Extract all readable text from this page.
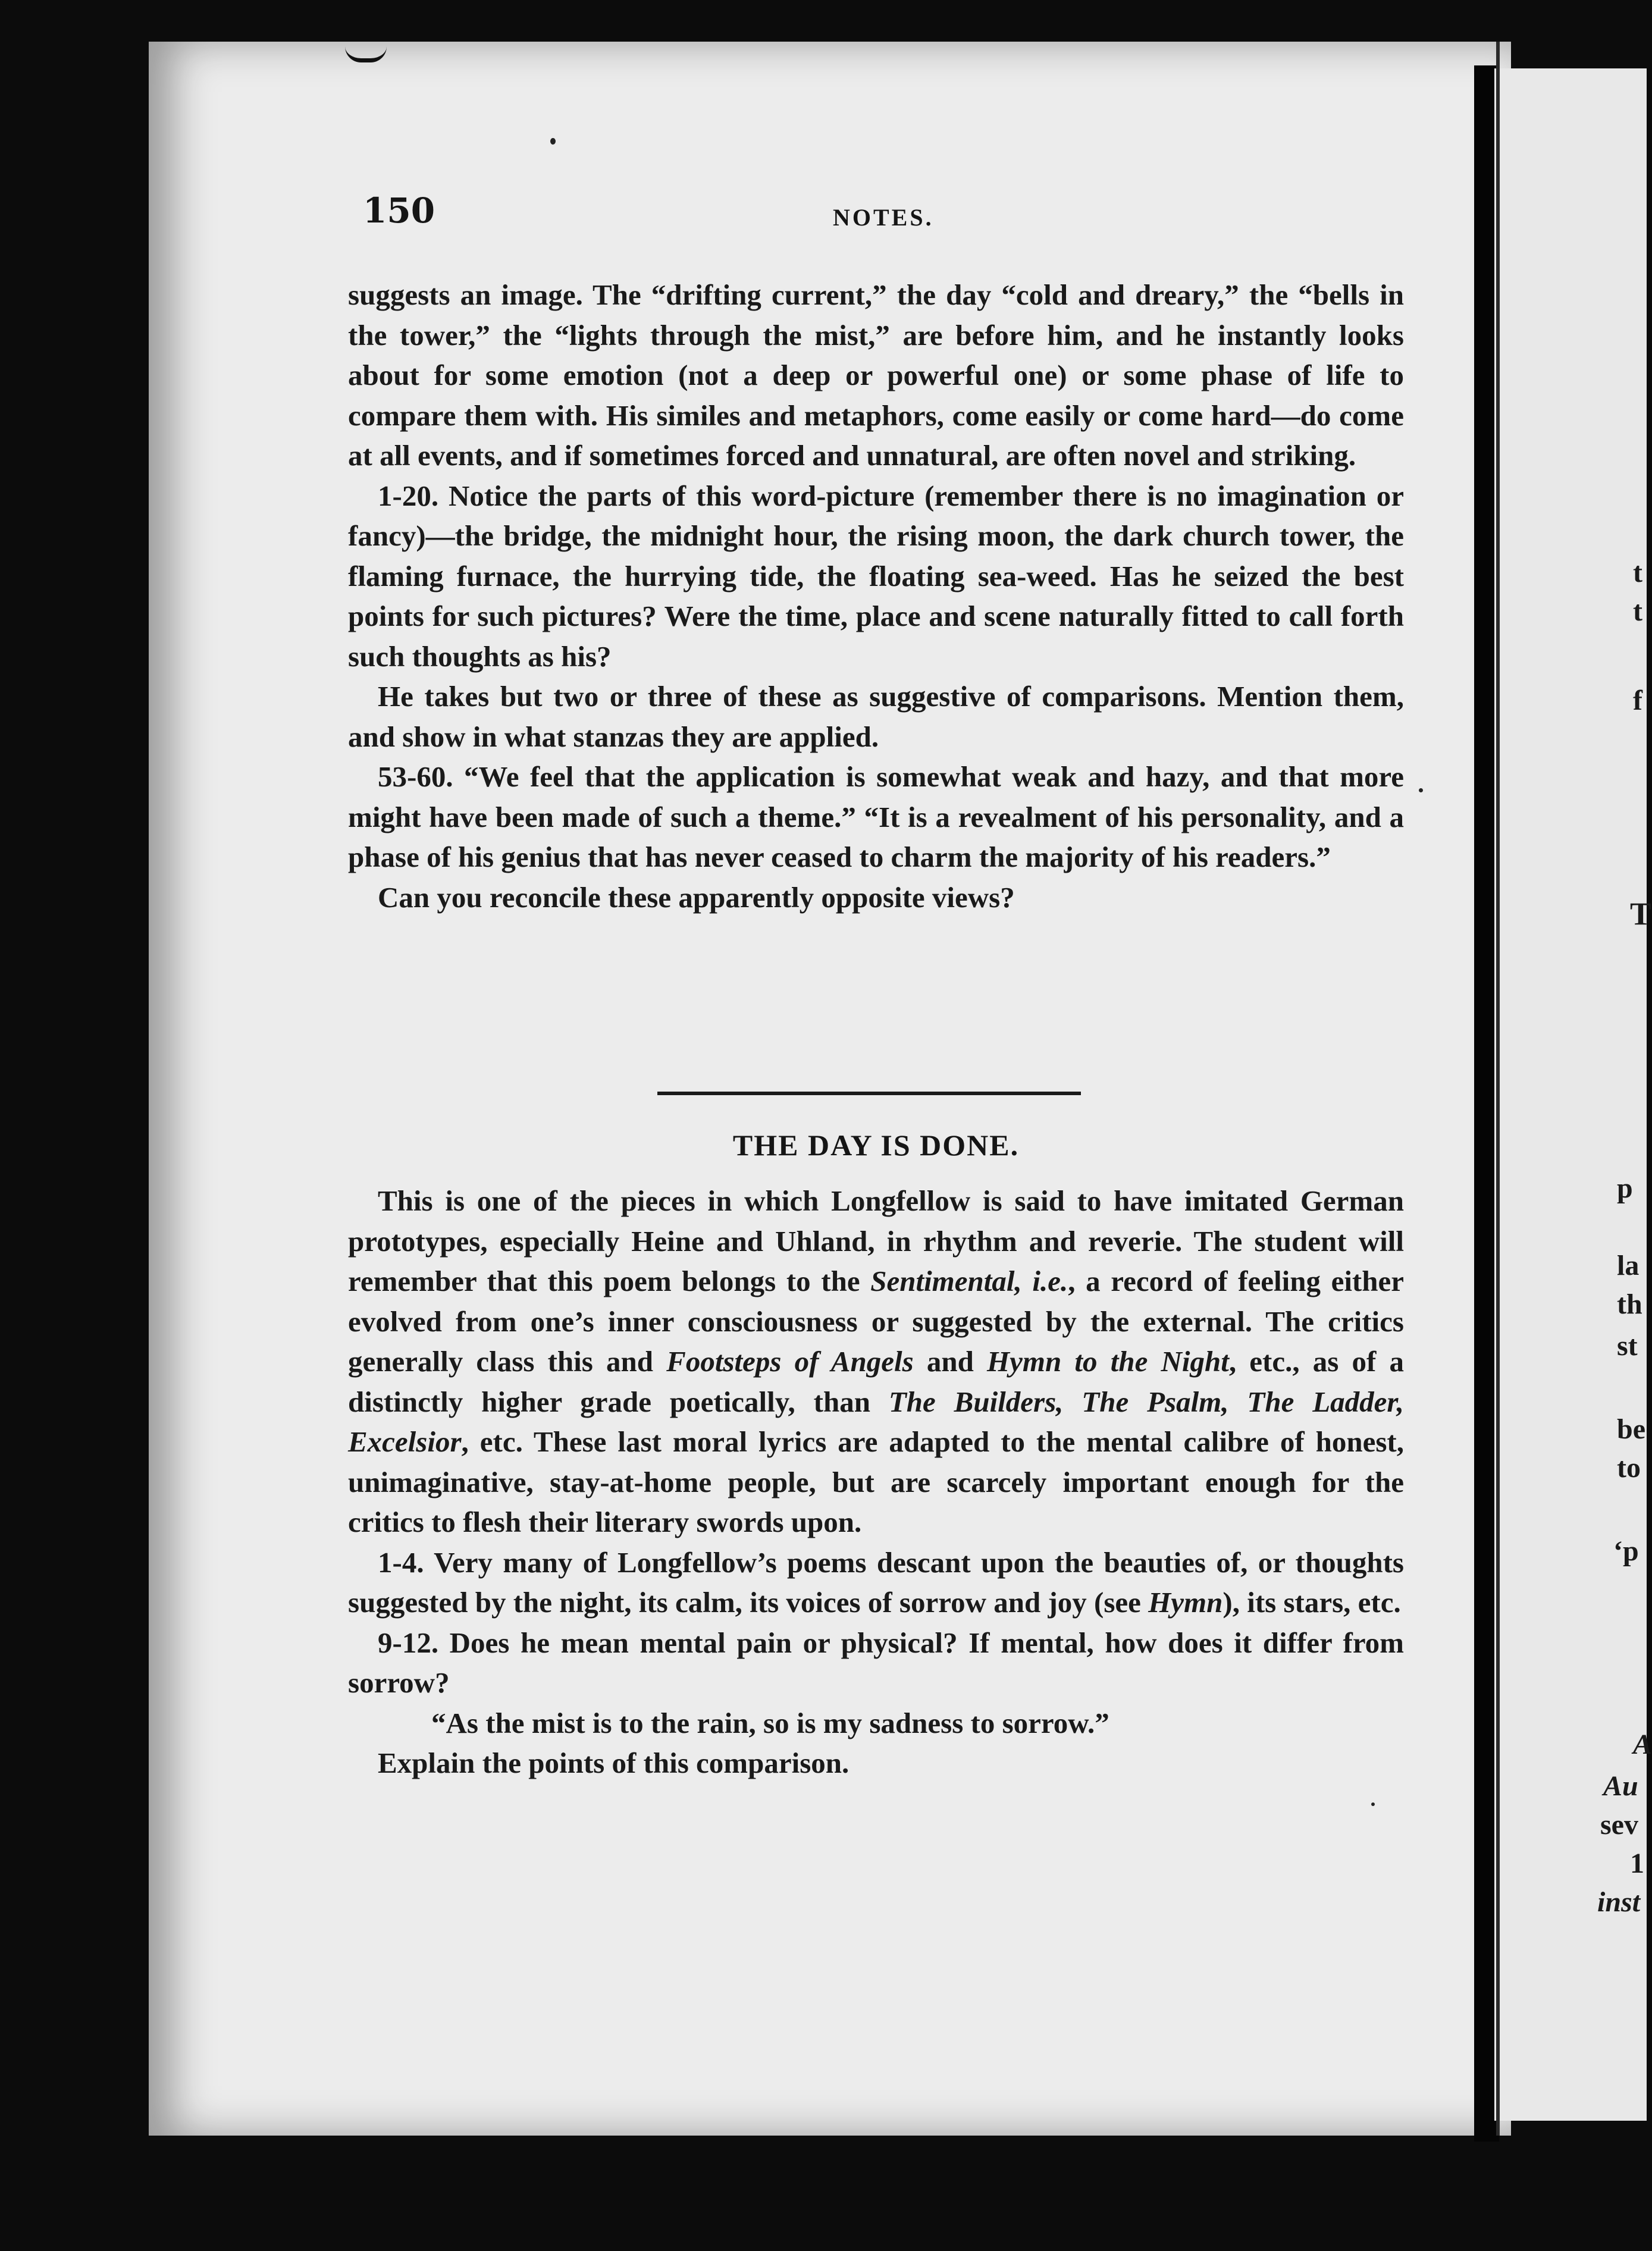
150	NOTES.

suggests an image. The “drifting current,” the day “cold and dreary,” the “bells in the tower,” the “lights through the mist,” are before him, and he instantly looks about for some emotion (not a deep or powerful one) or some phase of life to compare them with. His similes and metaphors, come easily or come hard—do come at all events, and if sometimes forced and unnatural, are often novel and striking.

1-20. Notice the parts of this word-picture (remember there is no imagination or fancy)—the bridge, the midnight hour, the rising moon, the dark church tower, the flaming furnace, the hurrying tide, the floating sea-weed. Has he seized the best points for such pictures? Were the time, place and scene naturally fitted to call forth such thoughts as his?

He takes but two or three of these as suggestive of comparisons. Mention them, and show in what stanzas they are applied.

53-60. “We feel that the application is somewhat weak and hazy, and that more might have been made of such a theme.” “It is a revealment of his personality, and a phase of his genius that has never ceased to charm the majority of his readers.”

Can you reconcile these apparently opposite views?

THE DAY IS DONE.

This is one of the pieces in which Longfellow is said to have imitated German prototypes, especially Heine and Uhland, in rhythm and reverie. The student will remember that this poem belongs to the Sentimental, i.e., a record of feeling either evolved from one’s inner consciousness or suggested by the external. The critics generally class this and Footsteps of Angels and Hymn to the Night, etc., as of a distinctly higher grade poetically, than The Builders, The Psalm, The Ladder, Excelsior, etc. These last moral lyrics are adapted to the mental calibre of honest, unimaginative, stay-at-home people, but are scarcely important enough for the critics to flesh their literary swords upon.

1-4. Very many of Longfellow’s poems descant upon the beauties of, or thoughts suggested by the night, its calm, its voices of sorrow and joy (see Hymn), its stars, etc.

9-12. Does he mean mental pain or physical? If mental, how does it differ from sorrow?

“As the mist is to the rain, so is my sadness to sorrow.”

Explain the points of this comparison.

t
t
f
T
p
la
th
st
be
to
‘p
A
Au
sev
1
inst
